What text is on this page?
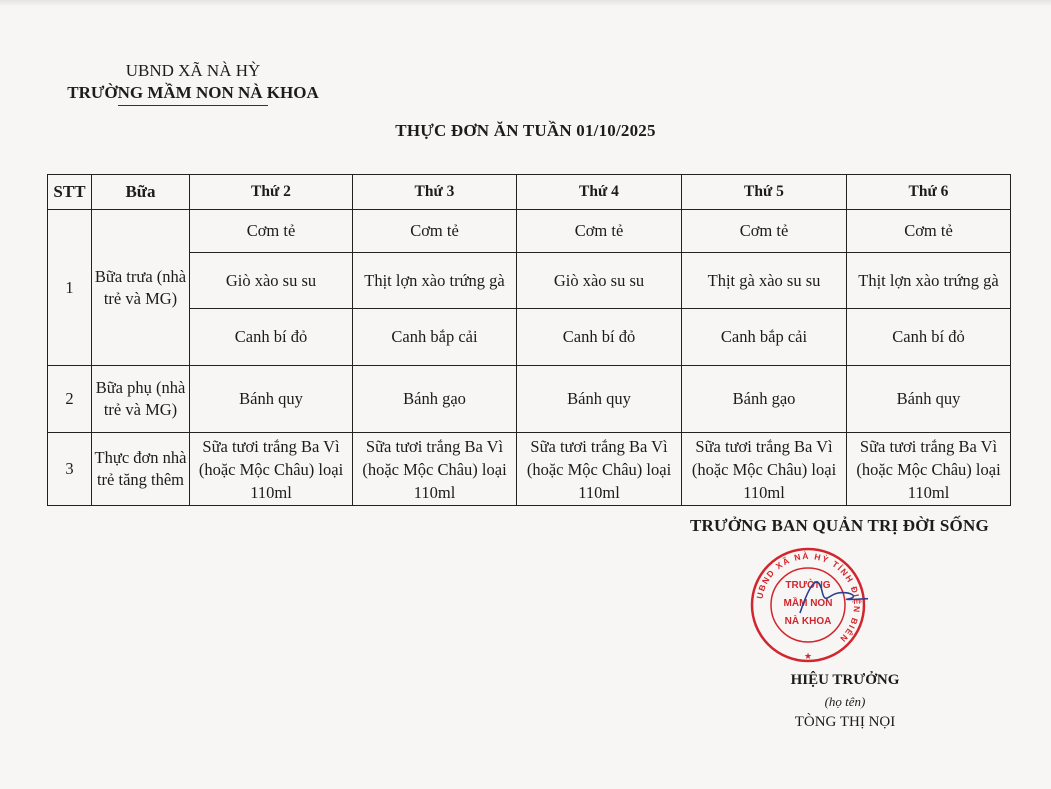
UBND XÃ NÀ HỲ
TRƯỜNG MẦM NON NÀ KHOA
THỰC ĐƠN ĂN TUẦN 01/10/2025
STT	Bữa	Thứ 2	Thứ 3	Thứ 4	Thứ 5	Thứ 6
1	Bữa trưa (nhà trẻ và MG)	Cơm tẻ	Cơm tẻ	Cơm tẻ	Cơm tẻ	Cơm tẻ
		Giò xào su su	Thịt lợn xào trứng gà	Giò xào su su	Thịt gà xào su su	Thịt lợn xào trứng gà
		Canh bí đỏ	Canh bắp cải	Canh bí đỏ	Canh bắp cải	Canh bí đỏ
2	Bữa phụ (nhà trẻ và MG)	Bánh quy	Bánh gạo	Bánh quy	Bánh gạo	Bánh quy
3	Thực đơn nhà trẻ tăng thêm	Sữa tươi trắng Ba Vì (hoặc Mộc Châu) loại 110ml	Sữa tươi trắng Ba Vì (hoặc Mộc Châu) loại 110ml	Sữa tươi trắng Ba Vì (hoặc Mộc Châu) loại 110ml	Sữa tươi trắng Ba Vì (hoặc Mộc Châu) loại 110ml	Sữa tươi trắng Ba Vì (hoặc Mộc Châu) loại 110ml
TRƯỞNG BAN QUẢN TRỊ ĐỜI SỐNG
UBND XÃ NÀ HỲ TỈNH ĐIỆN BIÊN
TRƯỜNG
MẦM NON
NÀ KHOA
★
HIỆU TRƯỞNG
(họ tên)
TÒNG THỊ NỌI
